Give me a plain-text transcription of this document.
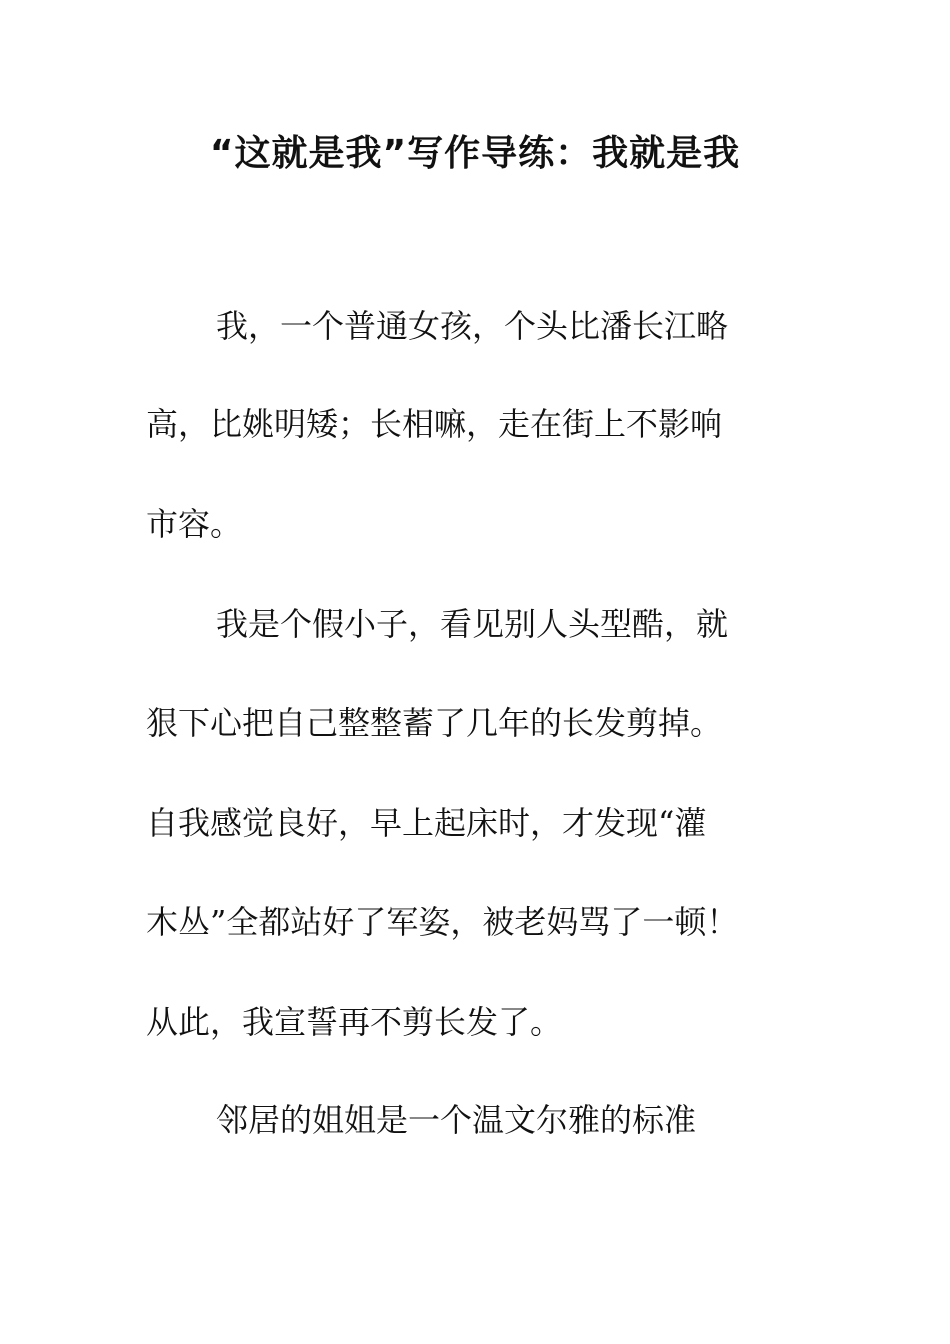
“这就是我”写作导练：我就是我

我，一个普通女孩，个头比潘长江略

高，比姚明矮；长相嘛，走在街上不影响

市容。

我是个假小子，看见别人头型酷，就

狠下心把自己整整蓄了几年的长发剪掉。

自我感觉良好，早上起床时，才发现“灌

木丛”全都站好了军姿，被老妈骂了一顿！

从此，我宣誓再不剪长发了。

邻居的姐姐是一个温文尔雅的标准
